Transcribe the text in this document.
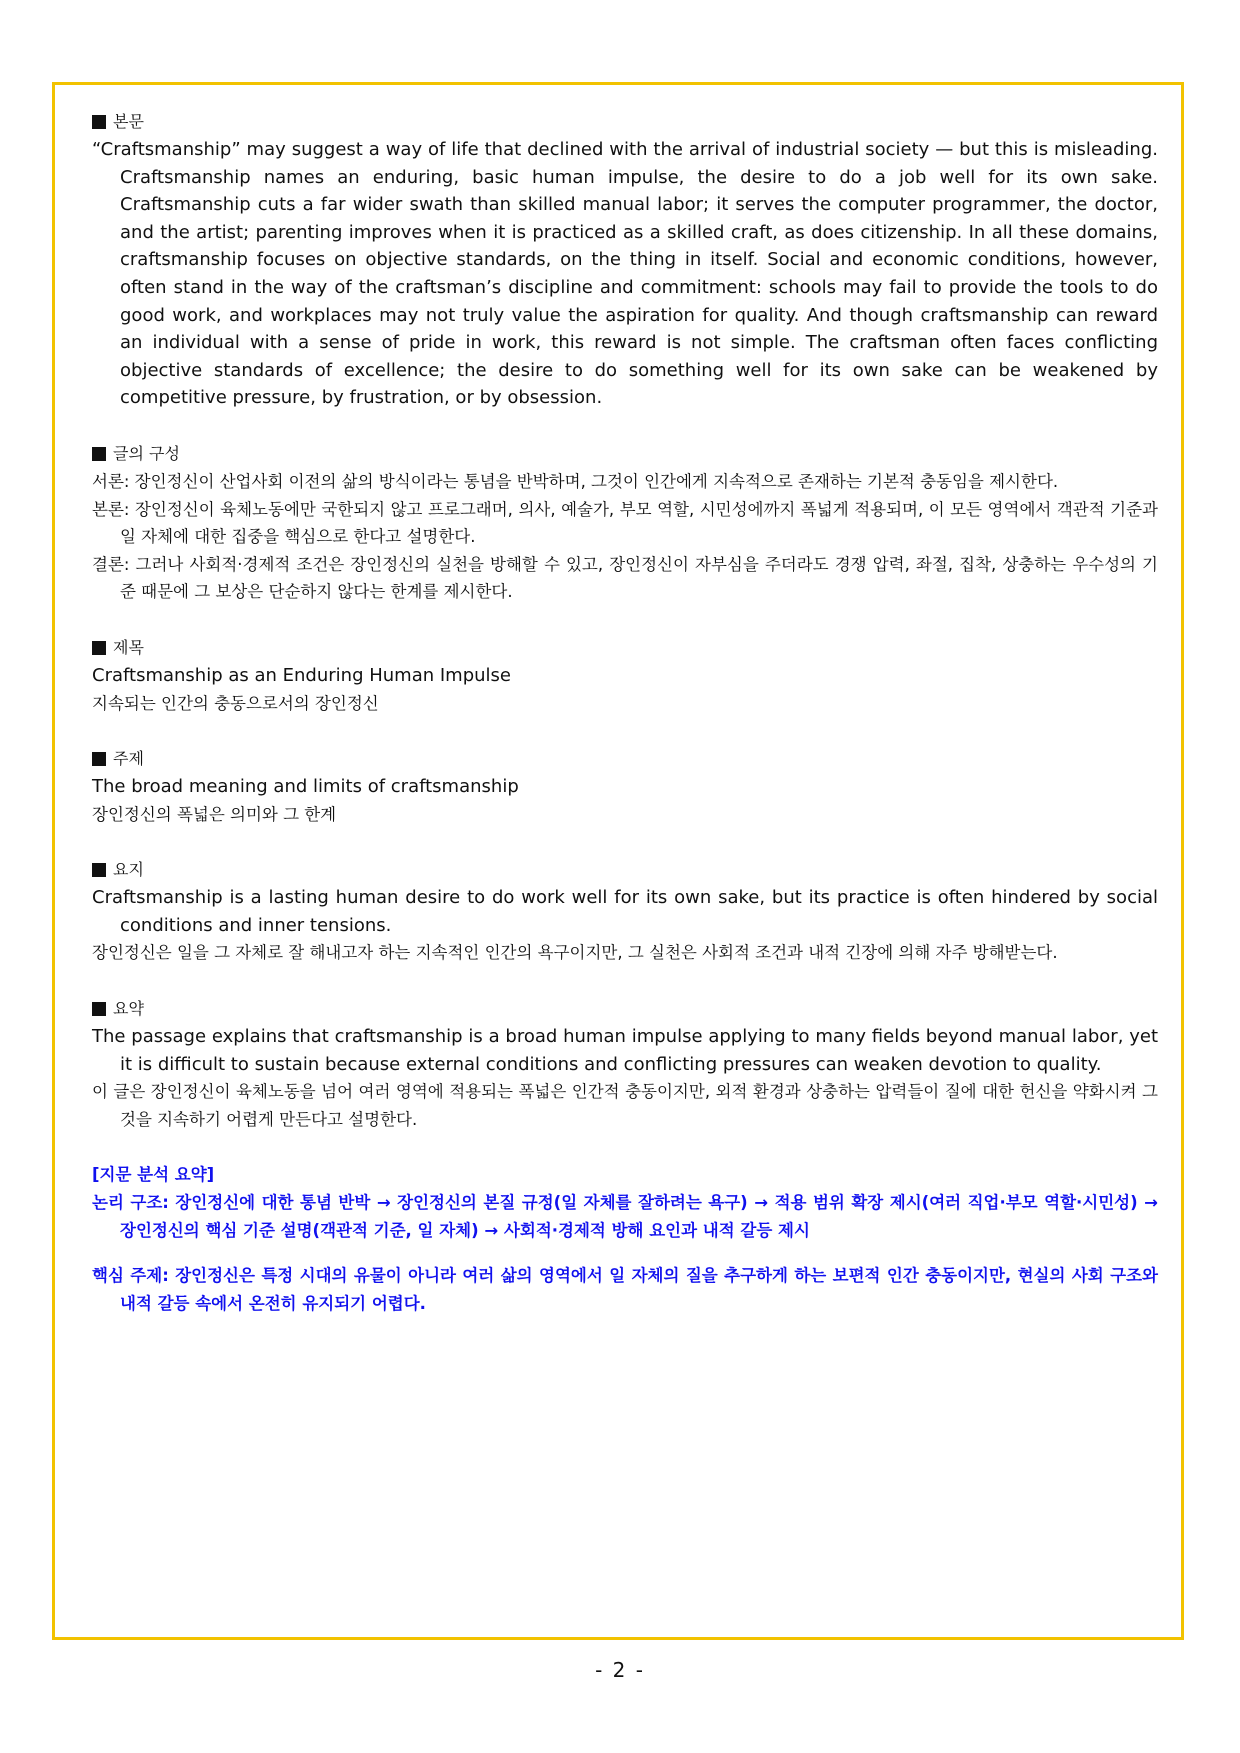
본문

“Craftsmanship” may suggest a way of life that declined with the arrival of industrial society — but this is misleading. Craftsmanship names an enduring, basic human impulse, the desire to do a job well for its own sake. Craftsmanship cuts a far wider swath than skilled manual labor; it serves the computer programmer, the doctor, and the artist; parenting improves when it is practiced as a skilled craft, as does citizenship. In all these domains, craftsmanship focuses on objective standards, on the thing in itself. Social and economic conditions, however, often stand in the way of the craftsman’s discipline and commitment: schools may fail to provide the tools to do good work, and workplaces may not truly value the aspiration for quality. And though craftsmanship can reward an individual with a sense of pride in work, this reward is not simple. The craftsman often faces conflicting objective standards of excellence; the desire to do something well for its own sake can be weakened by competitive pressure, by frustration, or by obsession.

글의 구성

서론: 장인정신이 산업사회 이전의 삶의 방식이라는 통념을 반박하며, 그것이 인간에게 지속적으로 존재하는 기본적 충동임을 제시한다.

본론: 장인정신이 육체노동에만 국한되지 않고 프로그래머, 의사, 예술가, 부모 역할, 시민성에까지 폭넓게 적용되며, 이 모든 영역에서 객관적 기준과 일 자체에 대한 집중을 핵심으로 한다고 설명한다.

결론: 그러나 사회적·경제적 조건은 장인정신의 실천을 방해할 수 있고, 장인정신이 자부심을 주더라도 경쟁 압력, 좌절, 집착, 상충하는 우수성의 기준 때문에 그 보상은 단순하지 않다는 한계를 제시한다.

제목

Craftsmanship as an Enduring Human Impulse

지속되는 인간의 충동으로서의 장인정신

주제

The broad meaning and limits of craftsmanship

장인정신의 폭넓은 의미와 그 한계

요지

Craftsmanship is a lasting human desire to do work well for its own sake, but its practice is often hindered by social conditions and inner tensions.

장인정신은 일을 그 자체로 잘 해내고자 하는 지속적인 인간의 욕구이지만, 그 실천은 사회적 조건과 내적 긴장에 의해 자주 방해받는다.

요약

The passage explains that craftsmanship is a broad human impulse applying to many fields beyond manual labor, yet it is difficult to sustain because external conditions and conflicting pressures can weaken devotion to quality.

이 글은 장인정신이 육체노동을 넘어 여러 영역에 적용되는 폭넓은 인간적 충동이지만, 외적 환경과 상충하는 압력들이 질에 대한 헌신을 약화시켜 그것을 지속하기 어렵게 만든다고 설명한다.

[지문 분석 요약]

논리 구조: 장인정신에 대한 통념 반박 → 장인정신의 본질 규정(일 자체를 잘하려는 욕구) → 적용 범위 확장 제시(여러 직업·부모 역할·시민성) → 장인정신의 핵심 기준 설명(객관적 기준, 일 자체) → 사회적·경제적 방해 요인과 내적 갈등 제시

핵심 주제: 장인정신은 특정 시대의 유물이 아니라 여러 삶의 영역에서 일 자체의 질을 추구하게 하는 보편적 인간 충동이지만, 현실의 사회 구조와 내적 갈등 속에서 온전히 유지되기 어렵다.

- 2 -
